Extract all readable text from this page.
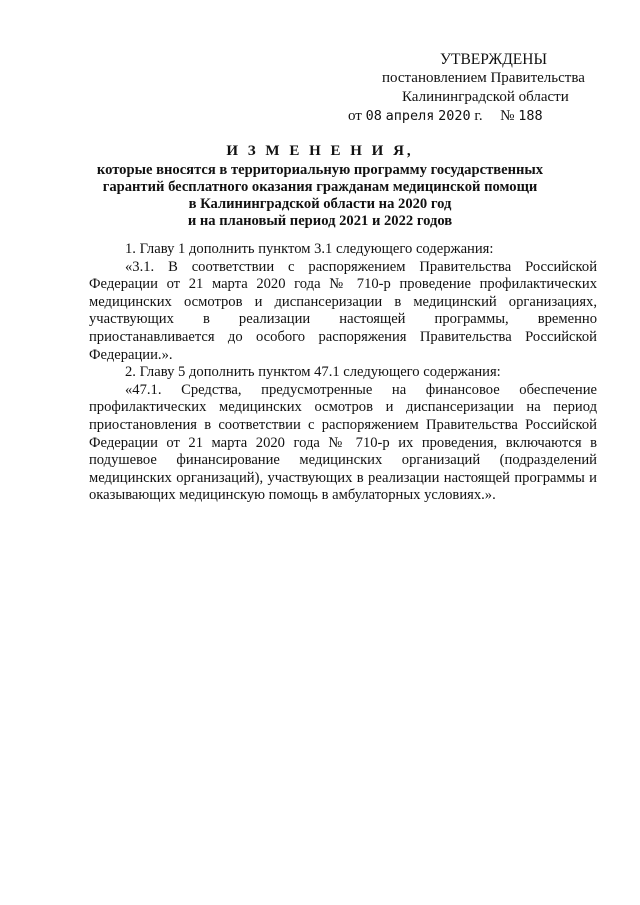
УТВЕРЖДЕНЫ
постановлением Правительства
Калининградской области
от 08 апреля 2020 г. № 188
И З М Е Н Е Н И Я,
которые вносятся в территориальную программу государственных
гарантий бесплатного оказания гражданам медицинской помощи
в Калининградской области на 2020 год
и на плановый период 2021 и 2022 годов

1. Главу 1 дополнить пунктом 3.1 следующего содержания:

«3.1. В соответствии с распоряжением Правительства Российской Федерации от 21 марта 2020 года № 710-р проведение профилактических медицинских осмотров и диспансеризации в медицинский организациях, участвующих в реализации настоящей программы, временно приостанавливается до особого распоряжения Правительства Российской Федерации.».

2. Главу 5 дополнить пунктом 47.1 следующего содержания:

«47.1. Средства, предусмотренные на финансовое обеспечение профилактических медицинских осмотров и диспансеризации на период приостановления в соответствии с распоряжением Правительства Российской Федерации от 21 марта 2020 года № 710-р их проведения, включаются в подушевое финансирование медицинских организаций (подразделений медицинских организаций), участвующих в реализации настоящей программы и оказывающих медицинскую помощь в амбулаторных условиях.».
